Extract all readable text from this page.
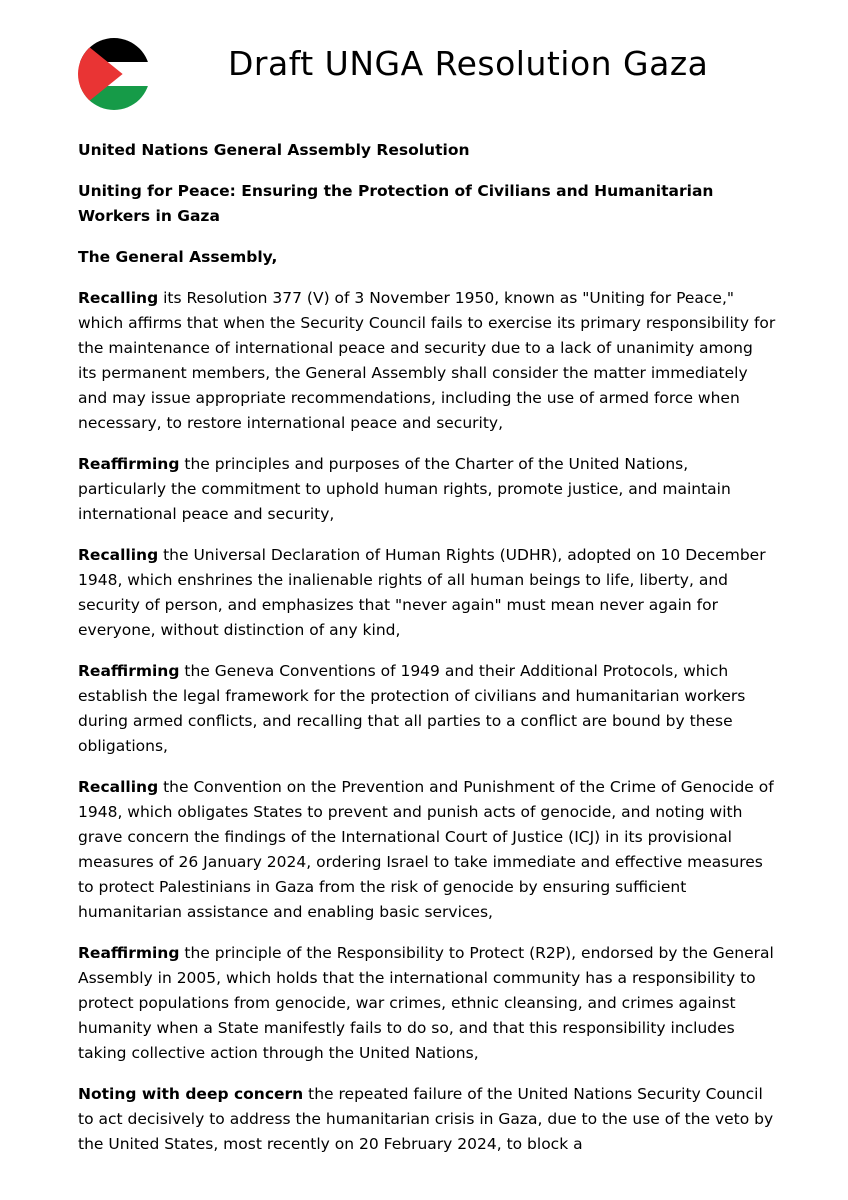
Draft UNGA Resolution Gaza

United Nations General Assembly Resolution

Uniting for Peace: Ensuring the Protection of Civilians and Humanitarian Workers in Gaza

The General Assembly,

Recalling its Resolution 377 (V) of 3 November 1950, known as "Uniting for Peace," which affirms that when the Security Council fails to exercise its primary responsibility for the maintenance of international peace and security due to a lack of unanimity among its permanent members, the General Assembly shall consider the matter immediately and may issue appropriate recommendations, including the use of armed force when necessary, to restore international peace and security,

Reaffirming the principles and purposes of the Charter of the United Nations, particularly the commitment to uphold human rights, promote justice, and maintain international peace and security,

Recalling the Universal Declaration of Human Rights (UDHR), adopted on 10 December 1948, which enshrines the inalienable rights of all human beings to life, liberty, and security of person, and emphasizes that "never again" must mean never again for everyone, without distinction of any kind,

Reaffirming the Geneva Conventions of 1949 and their Additional Protocols, which establish the legal framework for the protection of civilians and humanitarian workers during armed conflicts, and recalling that all parties to a conflict are bound by these obligations,

Recalling the Convention on the Prevention and Punishment of the Crime of Genocide of 1948, which obligates States to prevent and punish acts of genocide, and noting with grave concern the findings of the International Court of Justice (ICJ) in its provisional measures of 26 January 2024, ordering Israel to take immediate and effective measures to protect Palestinians in Gaza from the risk of genocide by ensuring sufficient humanitarian assistance and enabling basic services,

Reaffirming the principle of the Responsibility to Protect (R2P), endorsed by the General Assembly in 2005, which holds that the international community has a responsibility to protect populations from genocide, war crimes, ethnic cleansing, and crimes against humanity when a State manifestly fails to do so, and that this responsibility includes taking collective action through the United Nations,

Noting with deep concern the repeated failure of the United Nations Security Council to act decisively to address the humanitarian crisis in Gaza, due to the use of the veto by the United States, most recently on 20 February 2024, to block a
